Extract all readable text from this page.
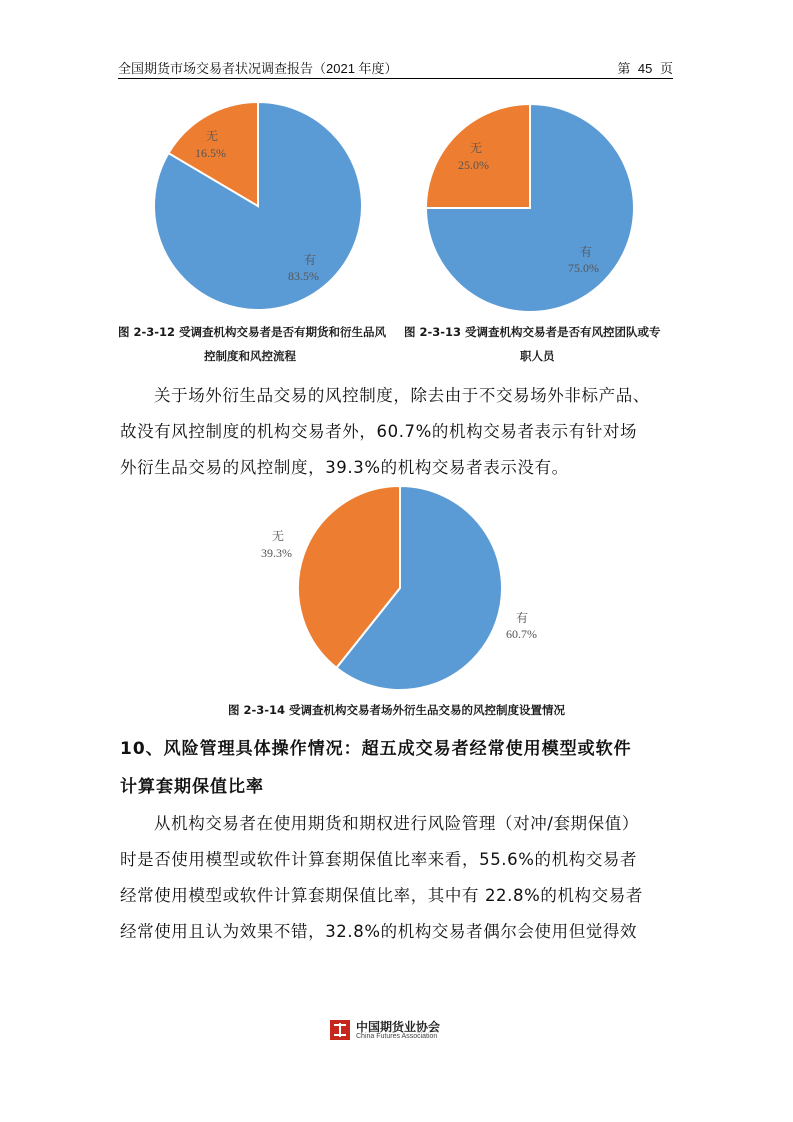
全国期货市场交易者状况调查报告（2021 年度）	第 45 页
有
83.5%
无
16.5%
有
75.0%
无
25.0%
图 2-3-12 受调查机构交易者是否有期货和衍生品风
控制度和风控流程
图 2-3-13 受调查机构交易者是否有风控团队或专
职人员
关于场外衍生品交易的风控制度，除去由于不交易场外非标产品、
故没有风控制度的机构交易者外，60.7%的机构交易者表示有针对场
外衍生品交易的风控制度，39.3%的机构交易者表示没有。
有
60.7%
无
39.3%
图 2-3-14 受调查机构交易者场外衍生品交易的风控制度设置情况
10、风险管理具体操作情况：超五成交易者经常使用模型或软件
计算套期保值比率
从机构交易者在使用期货和期权进行风险管理（对冲/套期保值）
时是否使用模型或软件计算套期保值比率来看，55.6%的机构交易者
经常使用模型或软件计算套期保值比率，其中有 22.8%的机构交易者
经常使用且认为效果不错，32.8%的机构交易者偶尔会使用但觉得效
中国期货业协会
China Futures Association
